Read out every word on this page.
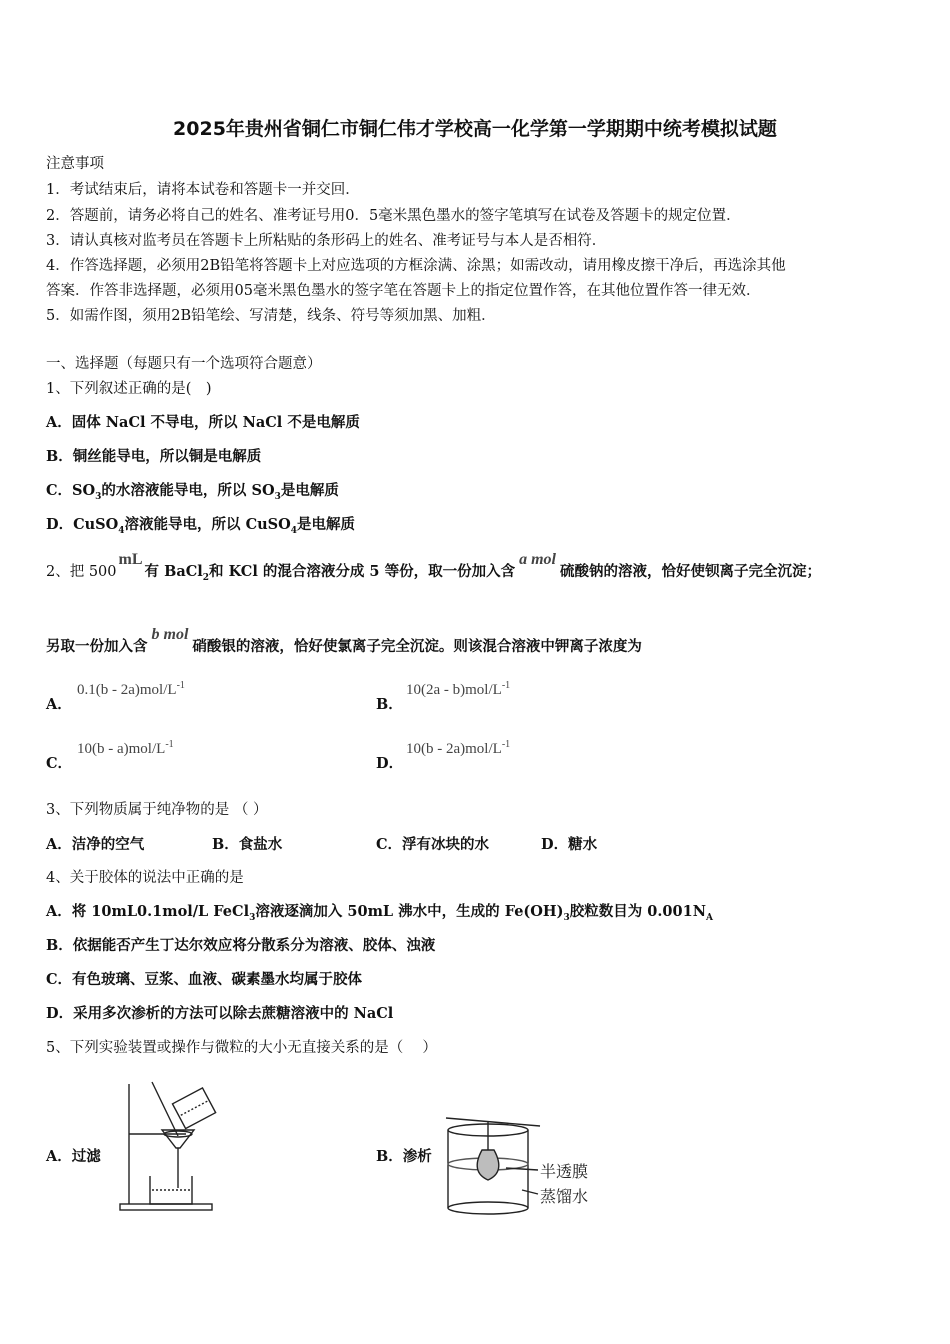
2025年贵州省铜仁市铜仁伟才学校高一化学第一学期期中统考模拟试题
注意事项
1．考试结束后，请将本试卷和答题卡一并交回．
2．答题前，请务必将自己的姓名、准考证号用0．5毫米黑色墨水的签字笔填写在试卷及答题卡的规定位置．
3．请认真核对监考员在答题卡上所粘贴的条形码上的姓名、准考证号与本人是否相符．
4．作答选择题，必须用2B铅笔将答题卡上对应选项的方框涂满、涂黑；如需改动，请用橡皮擦干净后，再选涂其他
答案．作答非选择题，必须用05毫米黑色墨水的签字笔在答题卡上的指定位置作答，在其他位置作答一律无效．
5．如需作图，须用2B铅笔绘、写清楚，线条、符号等须加黑、加粗．
一、选择题（每题只有一个选项符合题意）
1、下列叙述正确的是(　)
A．固体 NaCl 不导电，所以 NaCl 不是电解质
B．铜丝能导电，所以铜是电解质
C．$SO_3$的水溶液能导电，所以 $SO_3$是电解质
D．CuSO$_4$溶液能导电，所以 CuSO$_4$是电解质
2、把 500mL有 BaCl$_2$和 KCl 的混合溶液分成 5 等份，取一份加入含a mol硫酸钠的溶液，恰好使钡离子完全沉淀；
另取一份加入含b mol硝酸银的溶液，恰好使氯离子完全沉淀。则该混合溶液中钾离子浓度为
A．
$0.1(b - 2a)mol/L^{-1}$
B．
$10(2a - b)mol/L^{-1}$
C．
$10(b - a)mol/L^{-1}$
D．
$10(b - 2a)mol/L^{-1}$
3、下列物质属于纯净物的是 （ ）
A．洁净的空气	B．食盐水	C．浮有冰块的水	D．糖水
4、关于胶体的说法中正确的是
A．将 10mL0.1mol/L FeCl$_3$溶液逐滴加入 50mL 沸水中，生成的 $Fe(OH)_3$胶粒数目为 $0.001N_A$
B．依据能否产生丁达尔效应将分散系分为溶液、胶体、浊液
C．有色玻璃、豆浆、血液、碳素墨水均属于胶体
D．采用多次渗析的方法可以除去蔗糖溶液中的 NaCl
5、下列实验装置或操作与微粒的大小无直接关系的是（　 ）
A．过滤	B．渗析
半透膜
蒸馏水
